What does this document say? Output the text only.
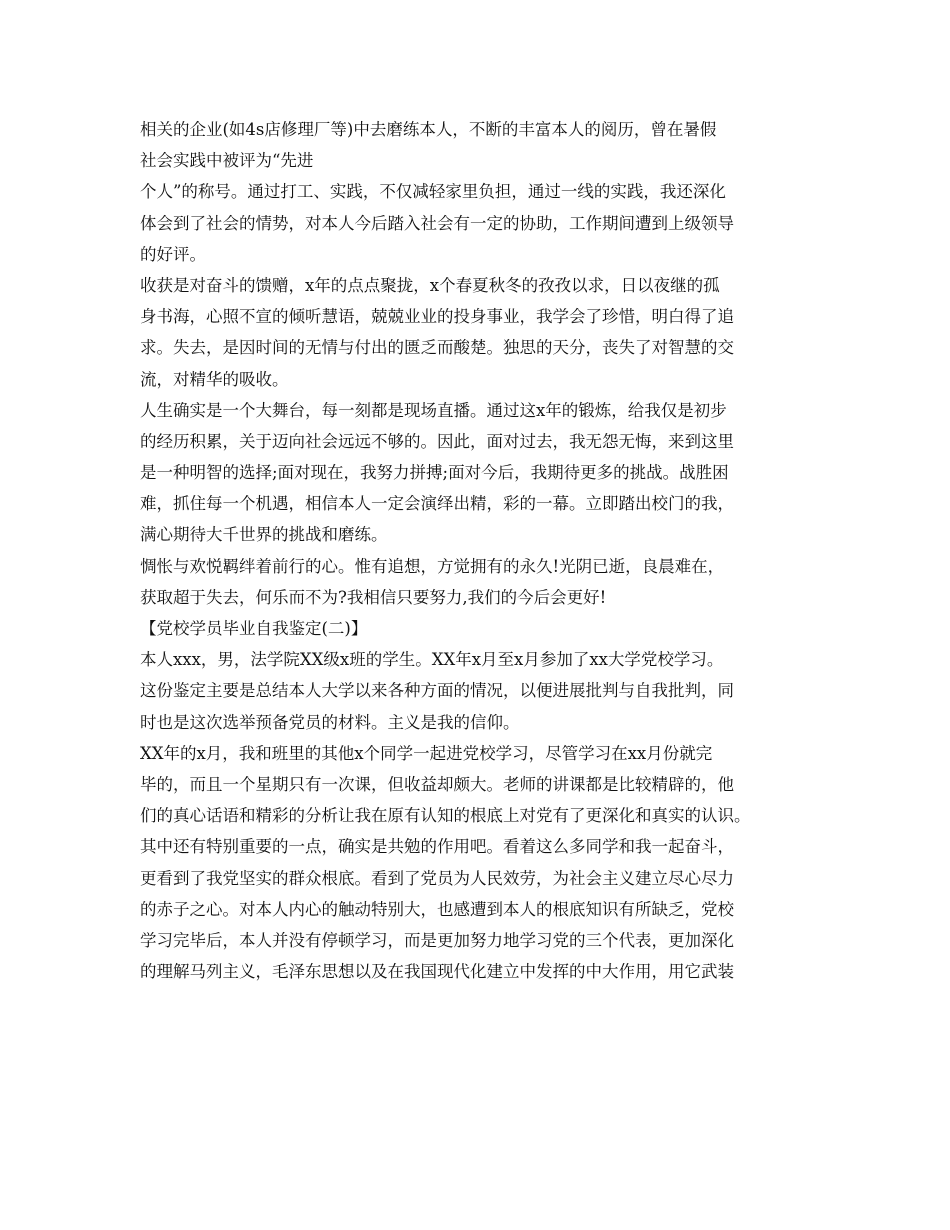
相关的企业(如4s店修理厂等)中去磨练本人，不断的丰富本人的阅历，曾在暑假
社会实践中被评为“先进
个人”的称号。通过打工、实践，不仅减轻家里负担，通过一线的实践，我还深化
体会到了社会的情势，对本人今后踏入社会有一定的协助，工作期间遭到上级领导
的好评。
收获是对奋斗的馈赠，x年的点点聚拢，x个春夏秋冬的孜孜以求，日以夜继的孤
身书海，心照不宣的倾听慧语，兢兢业业的投身事业，我学会了珍惜，明白得了追
求。失去，是因时间的无情与付出的匮乏而酸楚。独思的天分，丧失了对智慧的交
流，对精华的吸收。
人生确实是一个大舞台，每一刻都是现场直播。通过这x年的锻炼，给我仅是初步
的经历积累，关于迈向社会远远不够的。因此，面对过去，我无怨无悔，来到这里
是一种明智的选择;面对现在，我努力拼搏;面对今后，我期待更多的挑战。战胜困
难，抓住每一个机遇，相信本人一定会演绎出精，彩的一幕。立即踏出校门的我，
满心期待大千世界的挑战和磨练。
惆怅与欢悦羁绊着前行的心。惟有追想，方觉拥有的永久!光阴已逝，良晨难在，
获取超于失去，何乐而不为?我相信只要努力,我们的今后会更好!
【党校学员毕业自我鉴定(二)】
本人xxx，男，法学院XX级x班的学生。XX年x月至x月参加了xx大学党校学习。
这份鉴定主要是总结本人大学以来各种方面的情况，以便进展批判与自我批判，同
时也是这次选举预备党员的材料。主义是我的信仰。
XX年的x月，我和班里的其他x个同学一起进党校学习，尽管学习在xx月份就完
毕的，而且一个星期只有一次课，但收益却颇大。老师的讲课都是比较精辟的，他
们的真心话语和精彩的分析让我在原有认知的根底上对党有了更深化和真实的认识。
其中还有特别重要的一点，确实是共勉的作用吧。看着这么多同学和我一起奋斗，
更看到了我党坚实的群众根底。看到了党员为人民效劳，为社会主义建立尽心尽力
的赤子之心。对本人内心的触动特别大，也感遭到本人的根底知识有所缺乏，党校
学习完毕后，本人并没有停顿学习，而是更加努力地学习党的三个代表，更加深化
的理解马列主义，毛泽东思想以及在我国现代化建立中发挥的中大作用，用它武装
